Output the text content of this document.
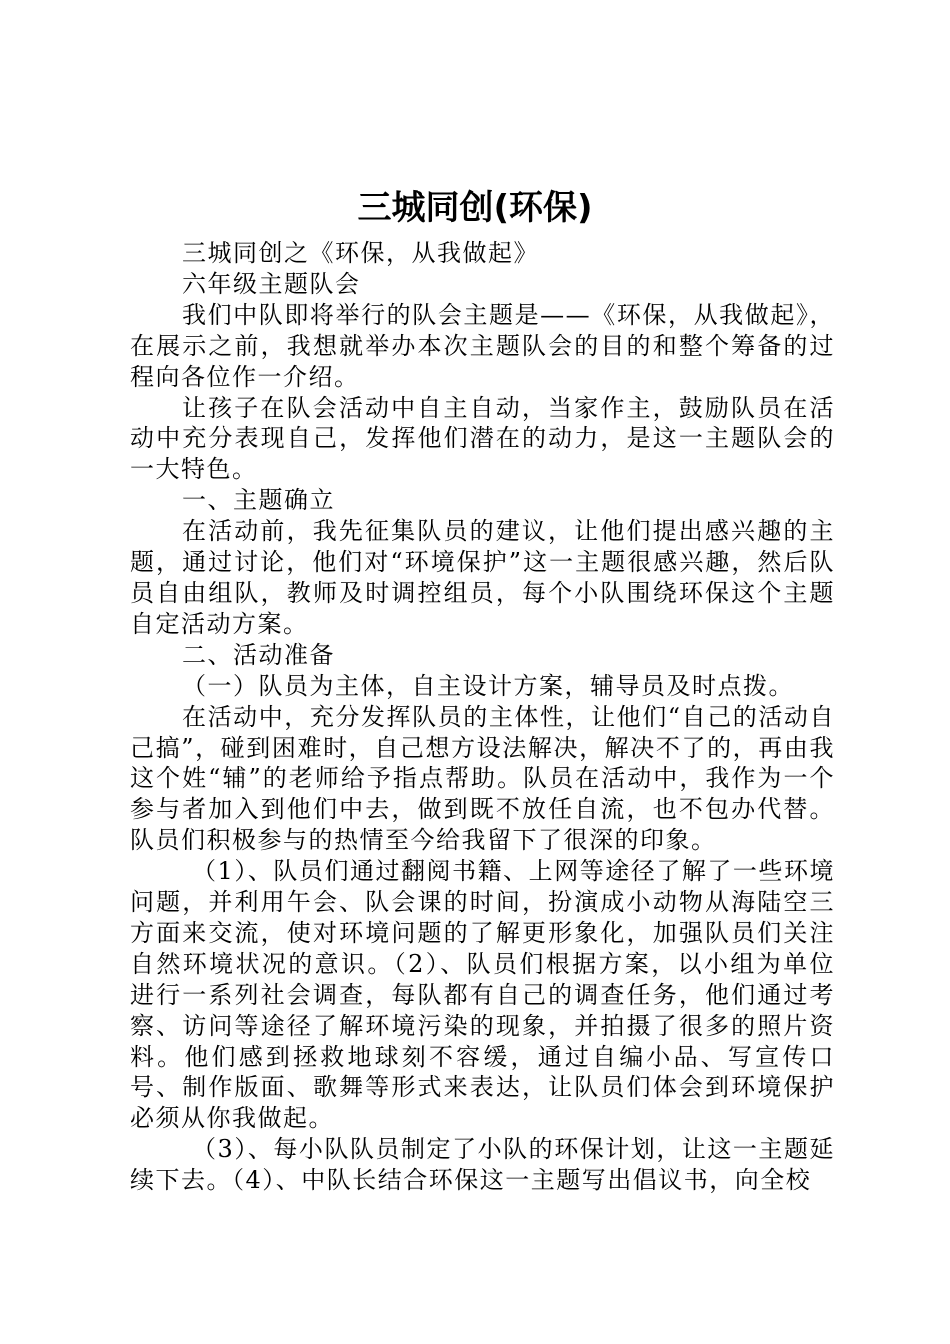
三城同创(环保)

三城同创之《环保，从我做起》

六年级主题队会

我们中队即将举行的队会主题是——《环保，从我做起》，在展示之前，我想就举办本次主题队会的目的和整个筹备的过程向各位作一介绍。

让孩子在队会活动中自主自动，当家作主，鼓励队员在活动中充分表现自己，发挥他们潜在的动力，是这一主题队会的一大特色。

一、主题确立

在活动前，我先征集队员的建议，让他们提出感兴趣的主题，通过讨论，他们对“环境保护”这一主题很感兴趣，然后队员自由组队，教师及时调控组员，每个小队围绕环保这个主题自定活动方案。

二、活动准备

（一）队员为主体，自主设计方案，辅导员及时点拨。

在活动中，充分发挥队员的主体性，让他们“自己的活动自己搞”，碰到困难时，自己想方设法解决，解决不了的，再由我这个姓“辅”的老师给予指点帮助。队员在活动中，我作为一个参与者加入到他们中去，做到既不放任自流，也不包办代替。队员们积极参与的热情至今给我留下了很深的印象。

（1）、队员们通过翻阅书籍、上网等途径了解了一些环境问题，并利用午会、队会课的时间，扮演成小动物从海陆空三方面来交流，使对环境问题的了解更形象化，加强队员们关注自然环境状况的意识。（2）、队员们根据方案，以小组为单位进行一系列社会调查，每队都有自己的调查任务，他们通过考察、访问等途径了解环境污染的现象，并拍摄了很多的照片资料。他们感到拯救地球刻不容缓，通过自编小品、写宣传口号、制作版面、歌舞等形式来表达，让队员们体会到环境保护必须从你我做起。

（3）、每小队队员制定了小队的环保计划，让这一主题延续下去。（4）、中队长结合环保这一主题写出倡议书，向全校
